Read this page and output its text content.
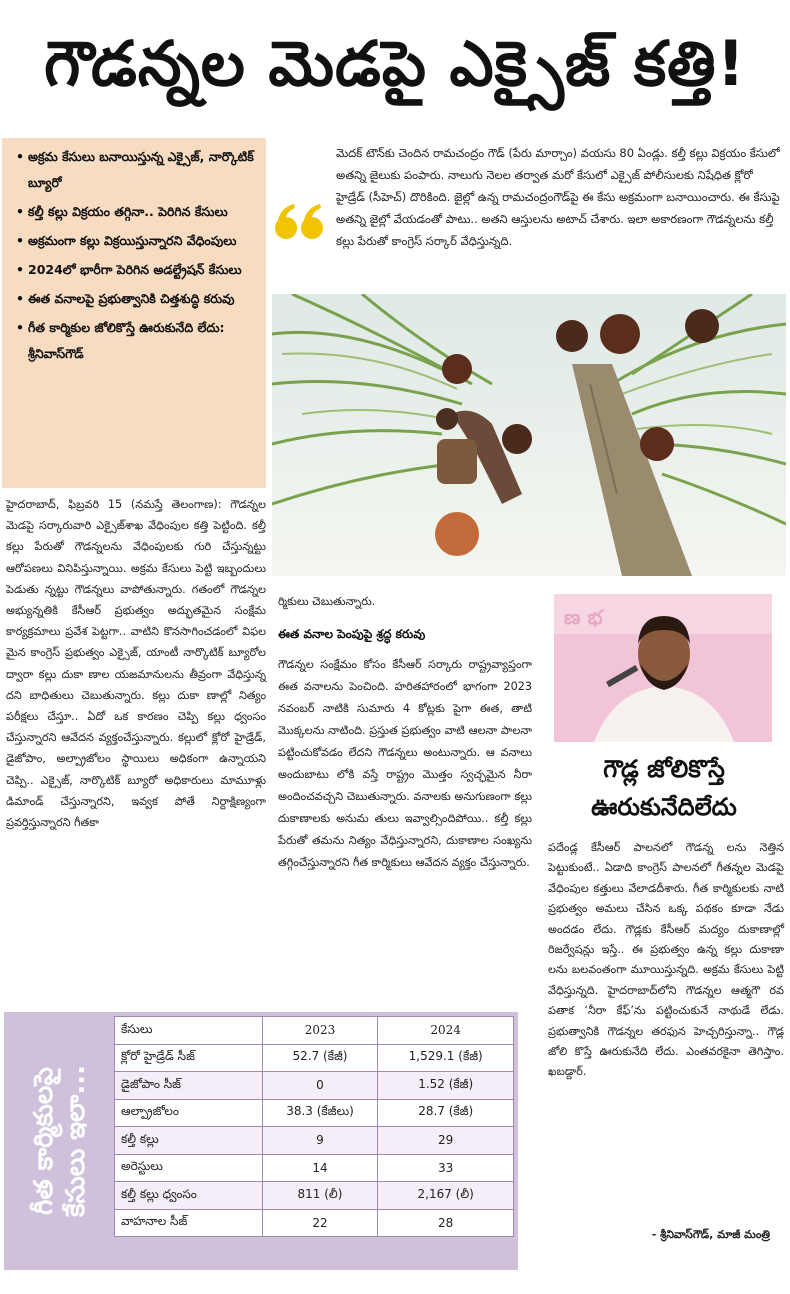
గౌడన్నల మెడపై ఎక్సైజ్ కత్తి!
• అక్రమ కేసులు బనాయిస్తున్న ఎక్సైజ్, నార్కొటిక్ బ్యూరో
• కల్తీ కల్లు విక్రయం తగ్గినా.. పెరిగిన కేసులు
• అక్రమంగా కల్లు విక్రయిస్తున్నారని వేధింపులు
• 2024లో భారీగా పెరిగిన అడల్ట్రేషన్ కేసులు
• ఈత వనాలపై ప్రభుత్వానికి చిత్తశుద్ధి కరువు
• గీత కార్మికుల జోలికొస్తే ఊరుకునేది లేదు: శ్రీనివాస్‌గౌడ్
మెదక్ టౌన్‌కు చెందిన రామచంద్రం గౌడ్ (పేరు మార్చాం) వయసు 80 ఏండ్లు. కల్తీ కల్లు విక్రయం కేసులో అతన్ని జైలుకు పంపారు. నాలుగు నెలల తర్వాత మరో కేసులో ఎక్సైజ్ పోలీసులకు నిషేధిత క్లోరో హైడ్రేడ్ (సీహెచ్) దొరికింది. జైల్లో ఉన్న రామచంద్రంగౌడ్‌పై ఈ కేసు అక్రమంగా బనాయించారు. ఈ కేసుపై అతన్ని జైల్లో వేయడంతో పాటు.. అతని ఆస్తులను అటాచ్ చేశారు. ఇలా అకారణంగా గౌడన్నలను కల్తీ కల్లు పేరుతో కాంగ్రెస్ సర్కార్ వేధిస్తున్నది.
హైదరాబాద్, ఫిబ్రవరి 15 (నమస్తే తెలంగాణ): గౌడన్నల మెడపై సర్కారువారి ఎక్సైజ్‌శాఖ వేధింపుల కత్తి పెట్టింది. కల్తీ కల్లు పేరుతో గౌడన్నలను వేధింపులకు గురి చేస్తున్నట్టు ఆరోపణలు వినిపిస్తున్నాయి. అక్రమ కేసులు పెట్టి ఇబ్బందులు పెడుతు న్నట్టు గౌడన్నలు వాపోతున్నారు. గతంలో గౌడన్నల అభ్యున్నతికి కేసీఆర్ ప్రభుత్వం అద్భుతమైన సంక్షేమ కార్యక్రమాలు ప్రవేశ పెట్టగా.. వాటిని కొనసాగించడంలో విఫల మైన కాంగ్రెస్ ప్రభుత్వం ఎక్సైజ్, యాంటీ నార్కొటిక్ బ్యూరోల ద్వారా కల్లు దుకా ణాల యజమానులను తీవ్రంగా వేధిస్తున్న దని బాధితులు చెబుతున్నారు. కల్లు దుకా ణాల్లో నిత్యం పరీక్షలు చేస్తూ.. ఏదో ఒక కారణం చెప్పి కల్లు ధ్వంసం చేస్తున్నారని ఆవేదన వ్యక్తంచేస్తున్నారు. కల్లులో క్లోరో హైడ్రేడ్, డైజోపాం, అల్ప్రాజోలం స్థాయిలు అధికంగా ఉన్నాయని చెప్పి.. ఎక్సైజ్, నార్కొటిక్ బ్యూరో అధికారులు మామూళ్లు డిమాండ్ చేస్తున్నారని, ఇవ్వక పోతే నిర్దాక్షిణ్యంగా ప్రవర్తిస్తున్నారని గీతకా
ర్మికులు చెబుతున్నారు.
ఈత వనాల పెంపుపై శ్రద్ధ కరువు
గౌడన్నల సంక్షేమం కోసం కేసీఆర్ సర్కారు రాష్ట్రవ్యాప్తంగా ఈత వనాలను పెంచింది. హరితహారంలో భాగంగా 2023 నవంబర్ నాటికి సుమారు 4 కోట్లకు పైగా ఈత, తాటి మొక్కలను నాటింది. ప్రస్తుత ప్రభుత్వం వాటి ఆలనా పాలనా పట్టించుకోవడం లేదని గౌడన్నలు అంటున్నారు. ఆ వనాలు అందుబాటు లోకి వస్తే రాష్ట్రం మొత్తం స్వచ్ఛమైన నీరా అందించవచ్చని చెబుతున్నారు. వనాలకు అనుగుణంగా కల్లు దుకాణాలకు అనుమ తులు ఇవ్వాల్సిందిపోయి.. కల్తీ కల్లు పేరుతో తమను నిత్యం వేధిస్తున్నారని, దుకాణాల సంఖ్యను తగ్గించేస్తున్నారని గీత కార్మికులు ఆవేదన వ్యక్తం చేస్తున్నారు.
ణ భ
గౌడ్ల జోలికొస్తే ఊరుకునేదిలేదు
పదేండ్ల కేసీఆర్ పాలనలో గౌడన్న లను నెత్తిన పెట్టుకుంటే.. ఏడాది కాంగ్రెస్ పాలనలో గీతన్నల మెడపై వేధింపుల కత్తులు వేలాడదీశారు. గీత కార్మికులకు నాటి ప్రభుత్వం అమలు చేసిన ఒక్క పథకం కూడా నేడు అందడం లేదు. గౌడ్లకు కేసీఆర్ మద్యం దుకాణాల్లో రిజర్వేషన్లు ఇస్తే.. ఈ ప్రభుత్వం ఉన్న కల్లు దుకాణా లను బలవంతంగా మూయిస్తున్నది. అక్రమ కేసులు పెట్టి వేధిస్తున్నది. హైదరాబాద్‌లోని గౌడన్నల ఆత్మగౌ రవ పతాక ‘నీరా కేఫ్’ను పట్టించుకునే నాథుడే లేడు. ప్రభుత్వానికి గౌడన్నల తరఫున హెచ్చరిస్తున్నా.. గౌడ్ల జోలి కొస్తే ఊరుకునేది లేదు. ఎంతవరకైనా తెగిస్తాం. ఖబడ్దార్.
- శ్రీనివాస్‌గౌడ్, మాజీ మంత్రి
గీత కార్మికులపై కేసులు ఇలా...
కేసులు	2023	2024
క్లోరో హైడ్రేడ్ సీజ్	52.7 (కేజీ)	1,529.1 (కేజీ)
డైజోపాం సీజ్	0	1.52 (కేజీ)
ఆల్ప్రాజోలం	38.3 (కేజీలు)	28.7 (కేజీ)
కల్తీ కల్లు	9	29
అరెస్టులు	14	33
కల్తీ కల్లు ధ్వంసం	811 (లీ)	2,167 (లీ)
వాహనాల సీజ్	22	28
